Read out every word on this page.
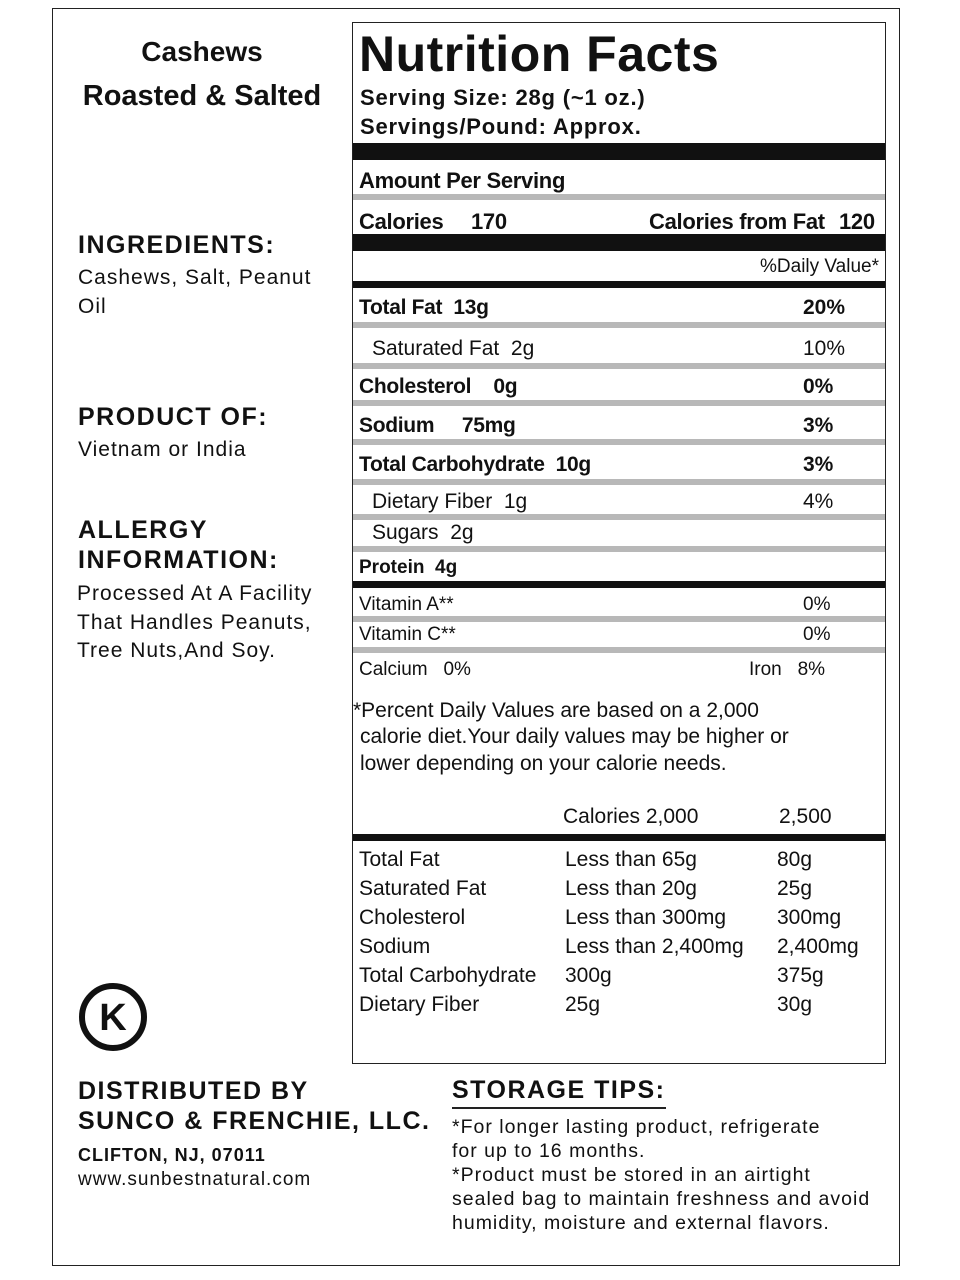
Cashews
Roasted & Salted
INGREDIENTS:
Cashews, Salt, Peanut
Oil
PRODUCT OF:
Vietnam or India
ALLERGY
INFORMATION:
Processed At A Facility
That Handles Peanuts,
Tree Nuts,And Soy.
Nutrition Facts
Serving Size: 28g (~1 oz.)
Servings/Pound: Approx.
Amount Per Serving
Calories 170	Calories from Fat 120
%Daily Value*
Total Fat 13g	20%
Saturated Fat 2g	10%
Cholesterol 0g	0%
Sodium 75mg	3%
Total Carbohydrate 10g	3%
Dietary Fiber 1g	4%
Sugars 2g
Protein 4g
Vitamin A**	0%
Vitamin C**	0%
Calcium 0%	Iron 8%
*Percent Daily Values are based on a 2,000
calorie diet.Your daily values may be higher or
lower depending on your calorie needs.
Calories 2,000	2,500
Total Fat	Less than 65g	80g
Saturated Fat	Less than 20g	25g
Cholesterol	Less than 300mg 300mg
Sodium	Less than 2,400mg 2,400mg
Total Carbohydrate 300g	375g
Dietary Fiber	25g	30g
K
DISTRIBUTED BY
SUNCO & FRENCHIE, LLC.
CLIFTON, NJ, 07011
www.sunbestnatural.com
STORAGE TIPS:
*For longer lasting product, refrigerate
for up to 16 months.
*Product must be stored in an airtight
sealed bag to maintain freshness and avoid
humidity, moisture and external flavors.
